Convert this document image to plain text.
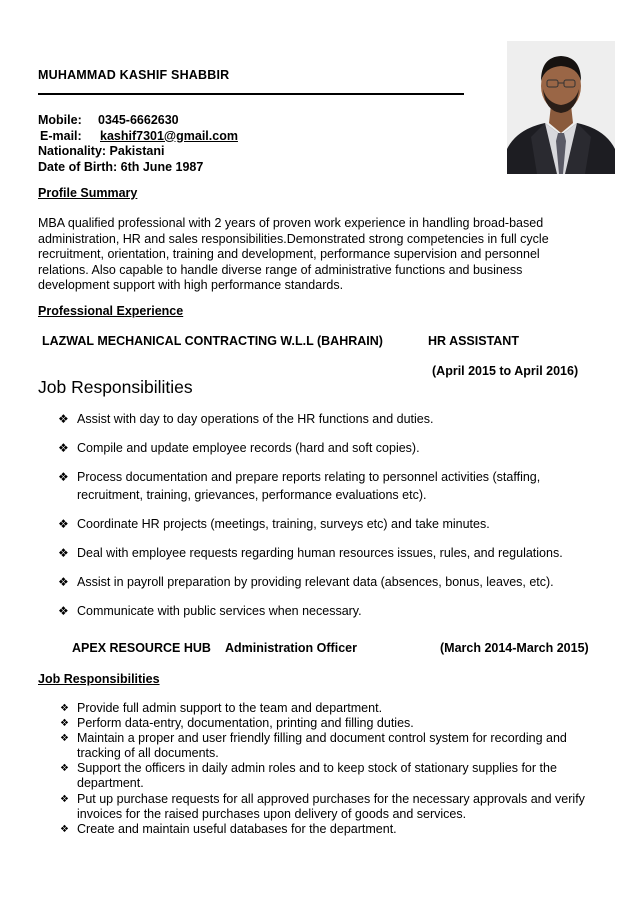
MUHAMMAD KASHIF SHABBIR
Mobile: 0345-6662630
E-mail: kashif7301@gmail.com
Nationality: Pakistani
Date of Birth: 6th June 1987
Profile Summary
MBA qualified professional with 2 years of proven work experience in handling broad-based administration, HR and sales responsibilities.Demonstrated strong competencies in full cycle recruitment, orientation, training and development, performance supervision and personnel relations. Also capable to handle diverse range of administrative functions and business development support with high performance standards.
Professional Experience
LAZWAL MECHANICAL CONTRACTING W.L.L (BAHRAIN)	HR ASSISTANT
(April 2015 to April 2016)
Job Responsibilities
❖ Assist with day to day operations of the HR functions and duties.
❖ Compile and update employee records (hard and soft copies).
❖ Process documentation and prepare reports relating to personnel activities (staffing, recruitment, training, grievances, performance evaluations etc).
❖ Coordinate HR projects (meetings, training, surveys etc) and take minutes.
❖ Deal with employee requests regarding human resources issues, rules, and regulations.
❖ Assist in payroll preparation by providing relevant data (absences, bonus, leaves, etc).
❖ Communicate with public services when necessary.
APEX RESOURCE HUB Administration Officer	(March 2014-March 2015)
Job Responsibilities
❖ Provide full admin support to the team and department.
❖ Perform data-entry, documentation, printing and filling duties.
❖ Maintain a proper and user friendly filling and document control system for recording and tracking of all documents.
❖ Support the officers in daily admin roles and to keep stock of stationary supplies for the department.
❖ Put up purchase requests for all approved purchases for the necessary approvals and verify invoices for the raised purchases upon delivery of goods and services.
❖ Create and maintain useful databases for the department.
